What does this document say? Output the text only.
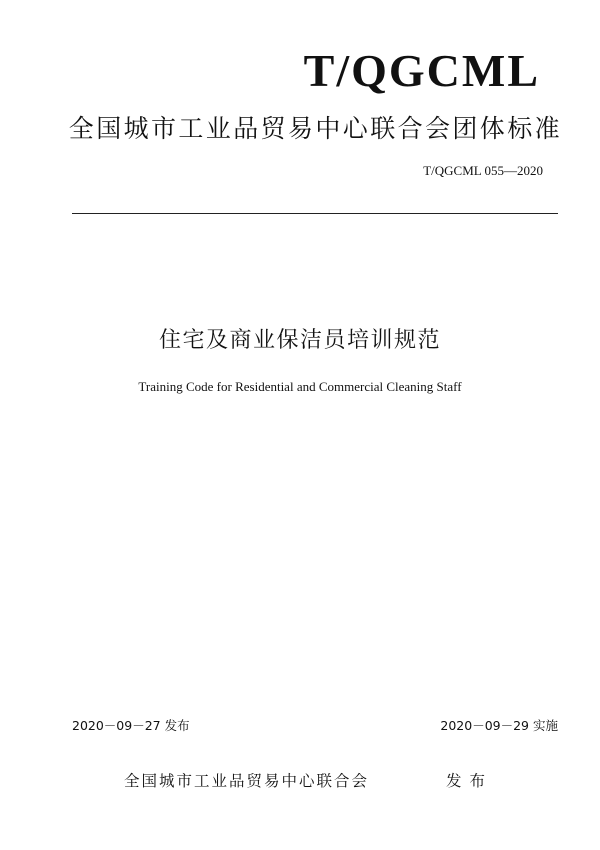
T/QGCML
全国城市工业品贸易中心联合会团体标准
T/QGCML 055—2020
住宅及商业保洁员培训规范
Training Code for Residential and Commercial Cleaning Staff
2020－09－27 发布	2020－09－29 实施
全国城市工业品贸易中心联合会	发布
